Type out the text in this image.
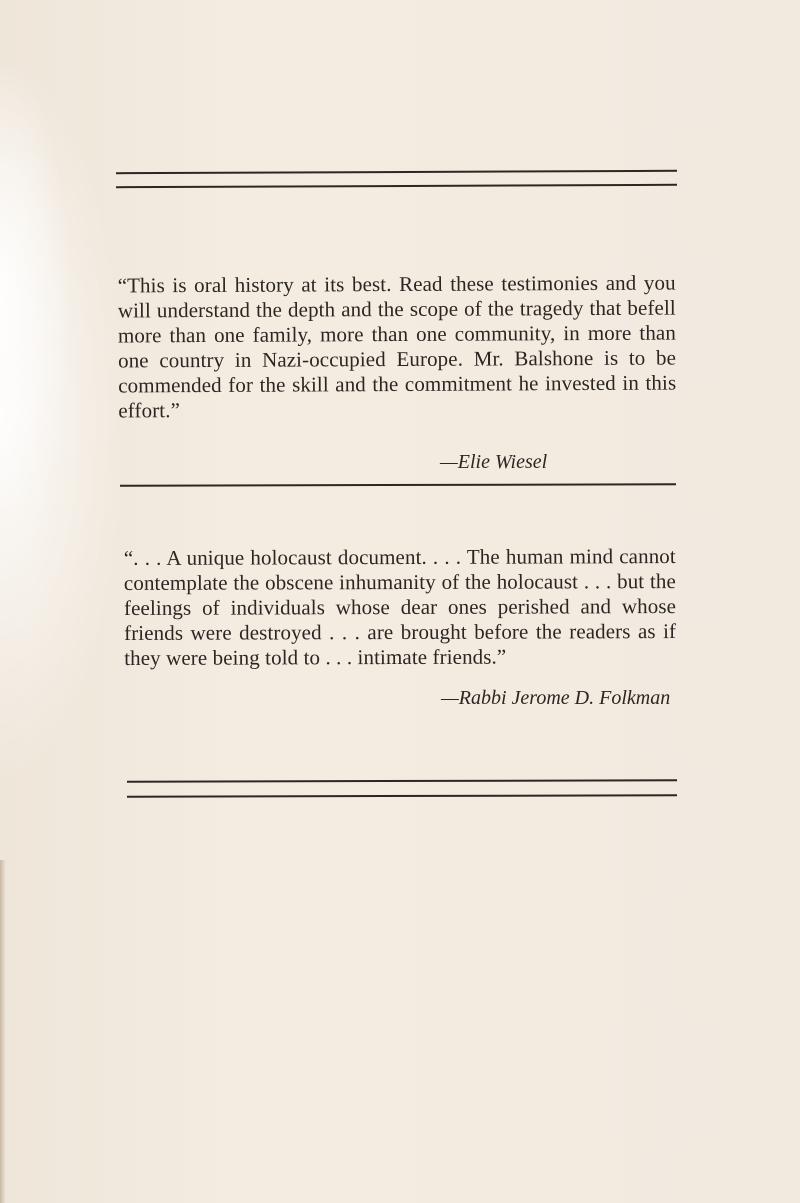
“This is oral history at its best. Read these testimonies and you will understand the depth and the scope of the tragedy that befell more than one family, more than one community, in more than one country in Nazi-occupied Europe. Mr. Balshone is to be commended for the skill and the commitment he invested in this effort.”

—Elie Wiesel

“. . . A unique holocaust document. . . . The human mind cannot contemplate the obscene inhumanity of the holocaust . . . but the feelings of individuals whose dear ones perished and whose friends were destroyed . . . are brought before the readers as if they were being told to . . . intimate friends.”

—Rabbi Jerome D. Folkman
